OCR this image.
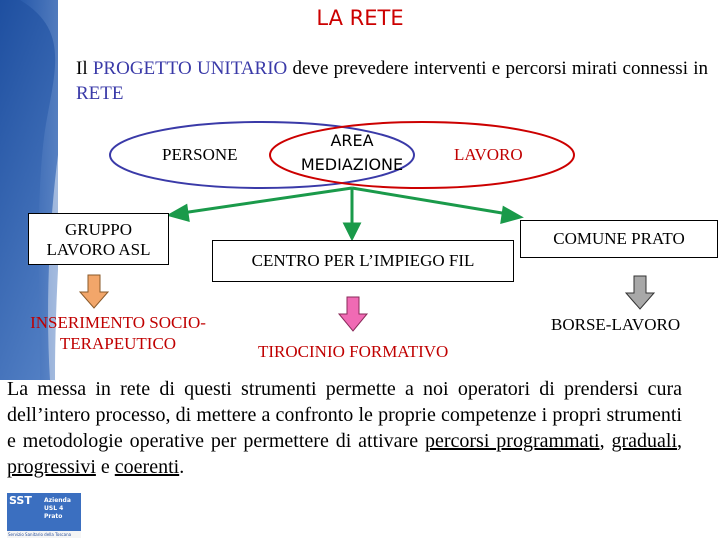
LA RETE
Il PROGETTO UNITARIO deve prevedere interventi e percorsi mirati connessi in RETE
PERSONE
AREA MEDIAZIONE
LAVORO
GRUPPO LAVORO ASL
CENTRO PER L’IMPIEGO FIL
COMUNE PRATO
INSERIMENTO SOCIO-TERAPEUTICO	TIROCINIO FORMATIVO
BORSE-LAVORO
La messa in rete di questi strumenti permette a noi operatori di prendersi cura dell’intero processo, di mettere a confronto le proprie competenze i propri strumenti e metodologie operative per permettere di attivare percorsi programmati, graduali, progressivi e coerenti.
SST Azienda
USL 4
Prato
Servizio Sanitario della Toscana
